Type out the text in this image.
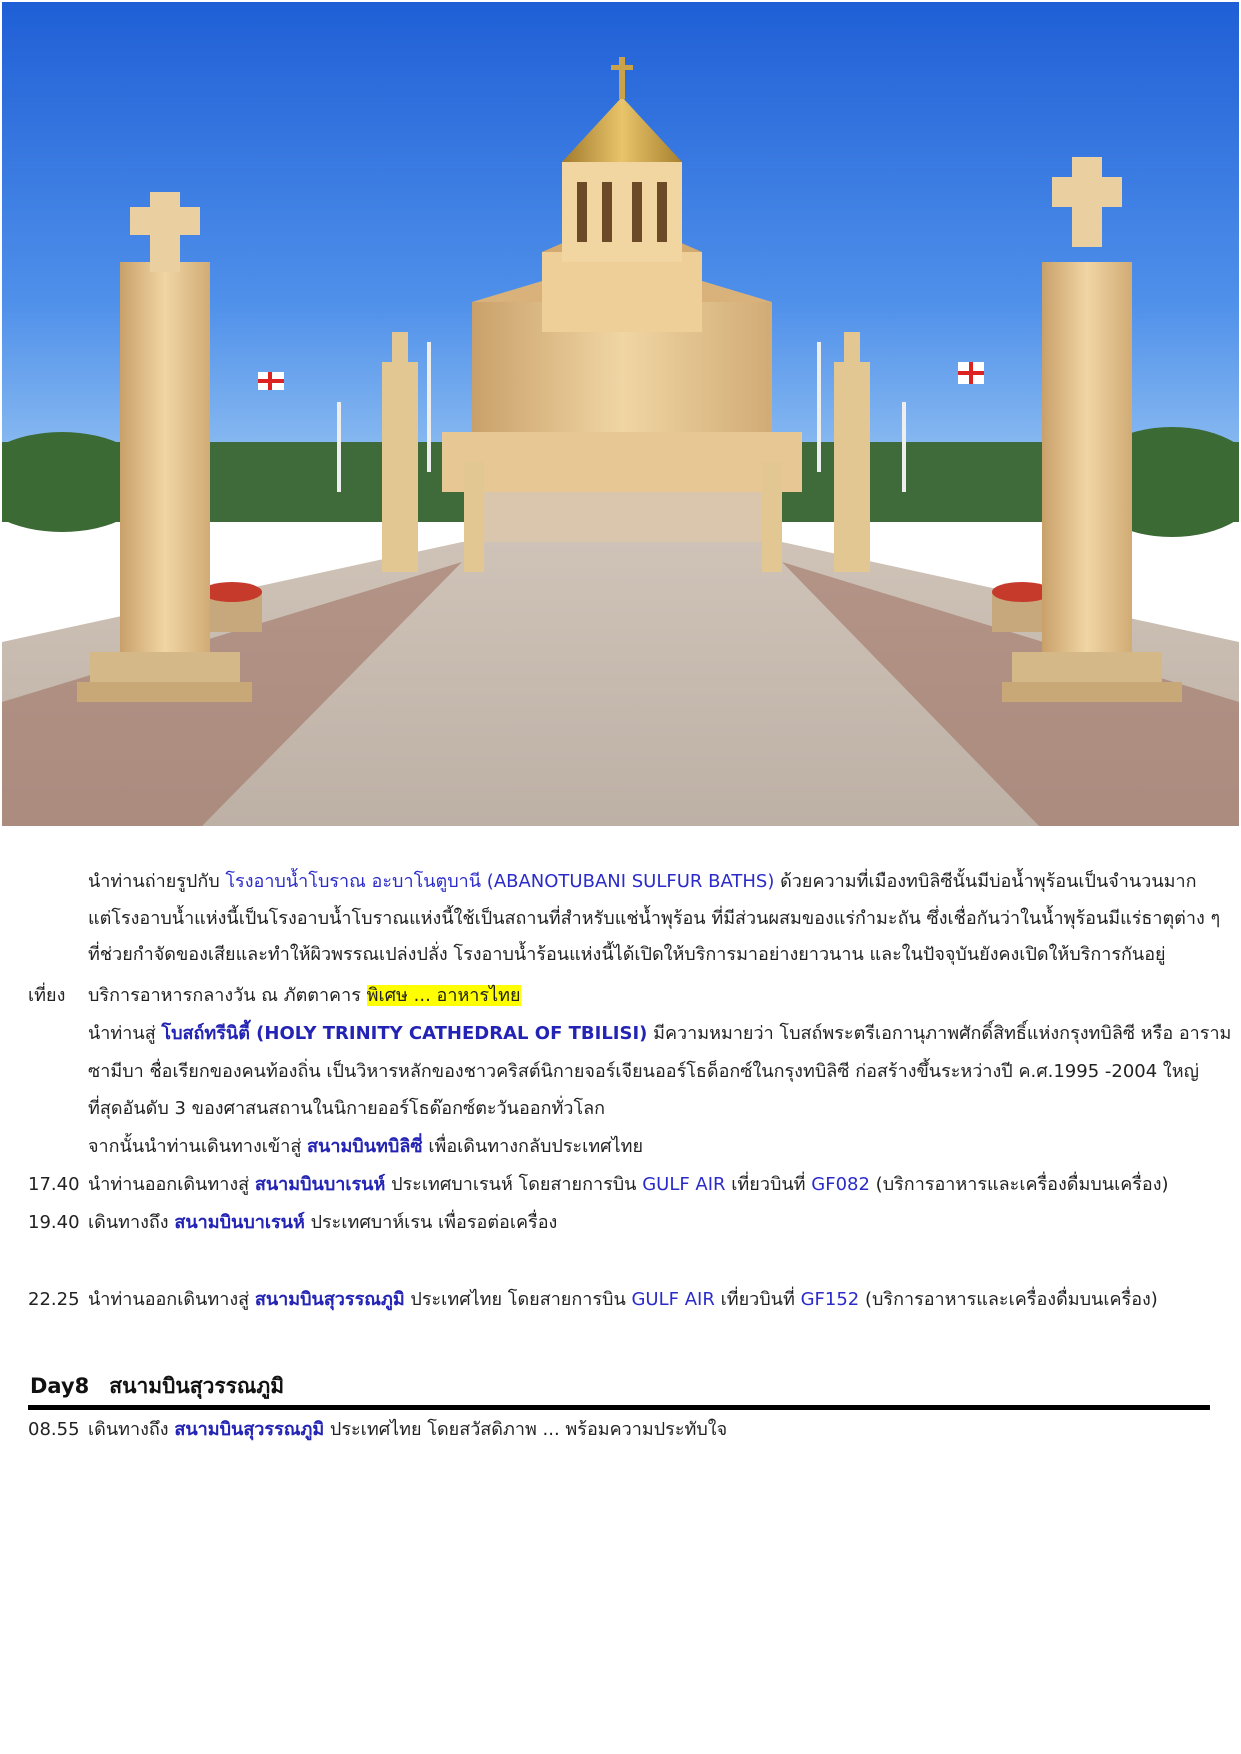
นำท่านถ่ายรูปกับ โรงอาบน้ำโบราณ อะบาโนตูบานี (ABANOTUBANI SULFUR BATHS) ด้วยความที่เมืองทบิลิซีนั้นมีบ่อน้ำพุร้อนเป็นจำนวนมาก
แต่โรงอาบน้ำแห่งนี้เป็นโรงอาบน้ำโบราณแห่งนี้ใช้เป็นสถานที่สำหรับแช่น้ำพุร้อน ที่มีส่วนผสมของแร่กำมะถัน ซึ่งเชื่อกันว่าในน้ำพุร้อนมีแร่ธาตุต่าง ๆ
ที่ช่วยกำจัดของเสียและทำให้ผิวพรรณเปล่งปลั่ง โรงอาบน้ำร้อนแห่งนี้ได้เปิดให้บริการมาอย่างยาวนาน และในปัจจุบันยังคงเปิดให้บริการกันอยู่
เที่ยง บริการอาหารกลางวัน ณ ภัตตาคาร พิเศษ ... อาหารไทย
นำท่านสู่ โบสถ์ทรีนิตี้ (HOLY TRINITY CATHEDRAL OF TBILISI) มีความหมายว่า โบสถ์พระตรีเอกานุภาพศักดิ์สิทธิ์แห่งกรุงทบิลิซี หรือ อาราม
ซามีบา ชื่อเรียกของคนท้องถิ่น เป็นวิหารหลักของชาวคริสต์นิกายจอร์เจียนออร์โธด็อกซ์ในกรุงทบิลิซี ก่อสร้างขึ้นระหว่างปี ค.ศ.1995 -2004 ใหญ่
ที่สุดอันดับ 3 ของศาสนสถานในนิกายออร์โธด๊อกซ์ตะวันออกทั่วโลก
จากนั้นนำท่านเดินทางเข้าสู่ สนามบินทบิลิซี่ เพื่อเดินทางกลับประเทศไทย
17.40 นำท่านออกเดินทางสู่ สนามบินบาเรนห์ ประเทศบาเรนห์ โดยสายการบิน GULF AIR เที่ยวบินที่ GF082 (บริการอาหารและเครื่องดื่มบนเครื่อง)
19.40 เดินทางถึง สนามบินบาเรนห์ ประเทศบาห์เรน เพื่อรอต่อเครื่อง
22.25 นำท่านออกเดินทางสู่ สนามบินสุวรรณภูมิ ประเทศไทย โดยสายการบิน GULF AIR เที่ยวบินที่ GF152 (บริการอาหารและเครื่องดื่มบนเครื่อง)
Day8 สนามบินสุวรรณภูมิ
08.55 เดินทางถึง สนามบินสุวรรณภูมิ ประเทศไทย โดยสวัสดิภาพ ... พร้อมความประทับใจ
